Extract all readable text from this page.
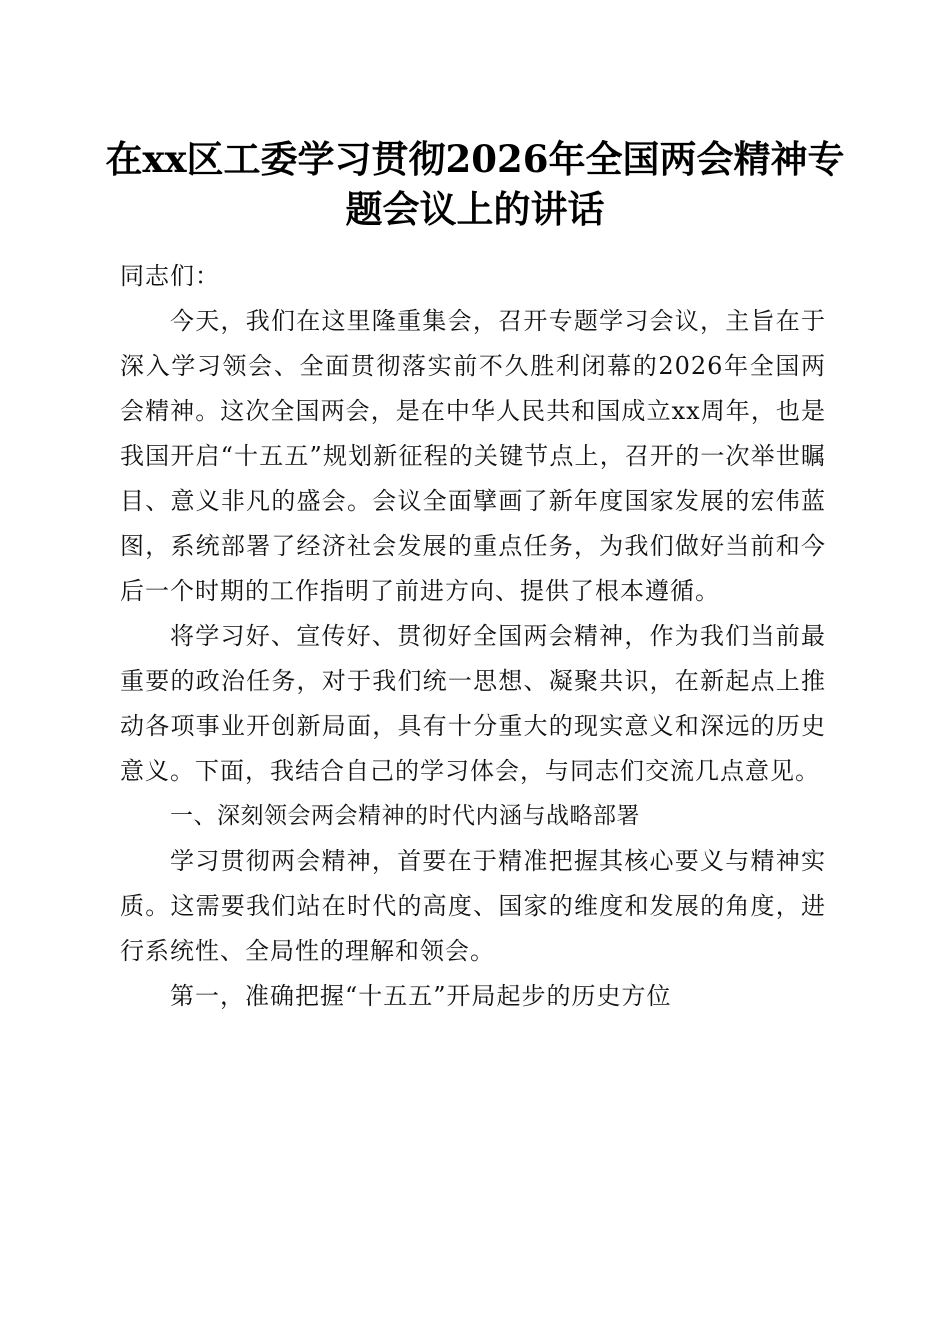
在xx区工委学习贯彻2026年全国两会精神专题会议上的讲话

同志们：

今天，我们在这里隆重集会，召开专题学习会议，主旨在于深入学习领会、全面贯彻落实前不久胜利闭幕的2026年全国两会精神。这次全国两会，是在中华人民共和国成立xx周年，也是我国开启“十五五”规划新征程的关键节点上，召开的一次举世瞩目、意义非凡的盛会。会议全面擘画了新年度国家发展的宏伟蓝图，系统部署了经济社会发展的重点任务，为我们做好当前和今后一个时期的工作指明了前进方向、提供了根本遵循。

将学习好、宣传好、贯彻好全国两会精神，作为我们当前最重要的政治任务，对于我们统一思想、凝聚共识，在新起点上推动各项事业开创新局面，具有十分重大的现实意义和深远的历史意义。下面，我结合自己的学习体会，与同志们交流几点意见。

一、深刻领会两会精神的时代内涵与战略部署

学习贯彻两会精神，首要在于精准把握其核心要义与精神实质。这需要我们站在时代的高度、国家的维度和发展的角度，进行系统性、全局性的理解和领会。

第一，准确把握“十五五”开局起步的历史方位
